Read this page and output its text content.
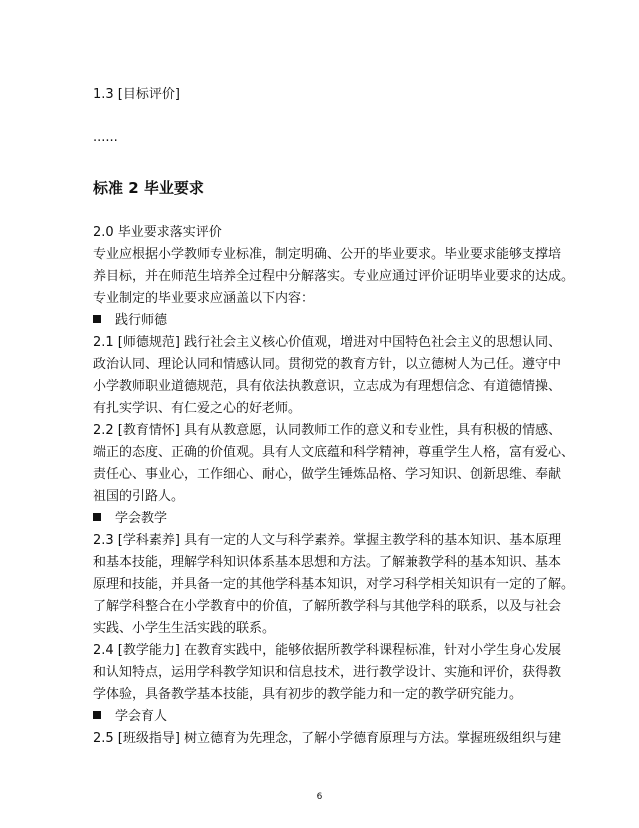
1.3 [目标评价]
......
标准 2 毕业要求
2.0 毕业要求落实评价
专业应根据小学教师专业标准，制定明确、公开的毕业要求。毕业要求能够支撑培
养目标，并在师范生培养全过程中分解落实。专业应通过评价证明毕业要求的达成。
专业制定的毕业要求应涵盖以下内容：
践行师德
2.1 [师德规范] 践行社会主义核心价值观，增进对中国特色社会主义的思想认同、
政治认同、理论认同和情感认同。贯彻党的教育方针，以立德树人为己任。遵守中
小学教师职业道德规范，具有依法执教意识，立志成为有理想信念、有道德情操、
有扎实学识、有仁爱之心的好老师。
2.2 [教育情怀] 具有从教意愿，认同教师工作的意义和专业性，具有积极的情感、
端正的态度、正确的价值观。具有人文底蕴和科学精神，尊重学生人格，富有爱心、
责任心、事业心，工作细心、耐心，做学生锤炼品格、学习知识、创新思维、奉献
祖国的引路人。
学会教学
2.3 [学科素养] 具有一定的人文与科学素养。掌握主教学科的基本知识、基本原理
和基本技能，理解学科知识体系基本思想和方法。了解兼教学科的基本知识、基本
原理和技能，并具备一定的其他学科基本知识，对学习科学相关知识有一定的了解。
了解学科整合在小学教育中的价值，了解所教学科与其他学科的联系，以及与社会
实践、小学生生活实践的联系。
2.4 [教学能力] 在教育实践中，能够依据所教学科课程标准，针对小学生身心发展
和认知特点，运用学科教学知识和信息技术，进行教学设计、实施和评价，获得教
学体验，具备教学基本技能，具有初步的教学能力和一定的教学研究能力。
学会育人
2.5 [班级指导] 树立德育为先理念，了解小学德育原理与方法。掌握班级组织与建
6
